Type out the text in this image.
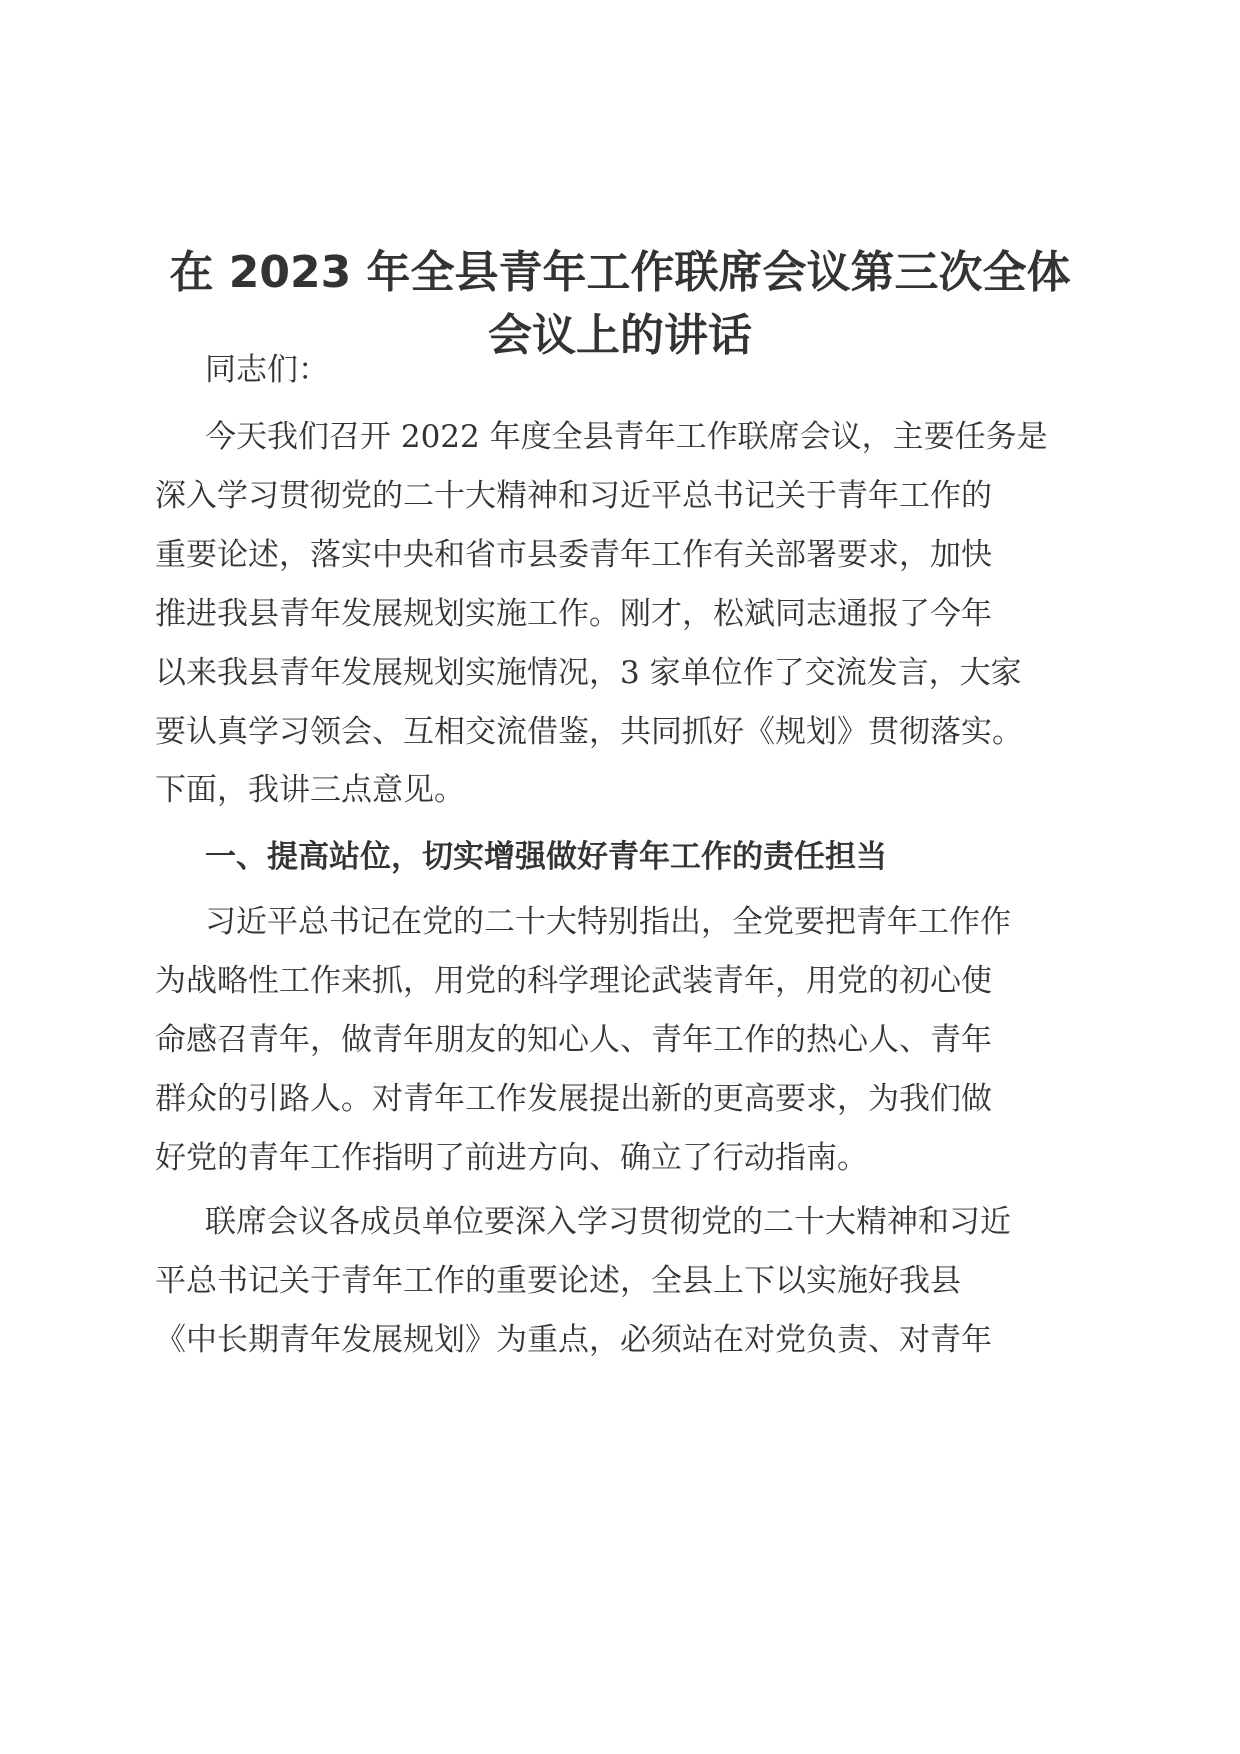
在 2023 年全县青年工作联席会议第三次全体
会议上的讲话

同志们：

今天我们召开 2022 年度全县青年工作联席会议，主要任务是

深入学习贯彻党的二十大精神和习近平总书记关于青年工作的

重要论述，落实中央和省市县委青年工作有关部署要求，加快

推进我县青年发展规划实施工作。刚才，松斌同志通报了今年

以来我县青年发展规划实施情况，3 家单位作了交流发言，大家

要认真学习领会、互相交流借鉴，共同抓好《规划》贯彻落实。

下面，我讲三点意见。

一、提高站位，切实增强做好青年工作的责任担当

习近平总书记在党的二十大特别指出，全党要把青年工作作

为战略性工作来抓，用党的科学理论武装青年，用党的初心使

命感召青年，做青年朋友的知心人、青年工作的热心人、青年

群众的引路人。对青年工作发展提出新的更高要求，为我们做

好党的青年工作指明了前进方向、确立了行动指南。

联席会议各成员单位要深入学习贯彻党的二十大精神和习近

平总书记关于青年工作的重要论述，全县上下以实施好我县

《中长期青年发展规划》为重点，必须站在对党负责、对青年
